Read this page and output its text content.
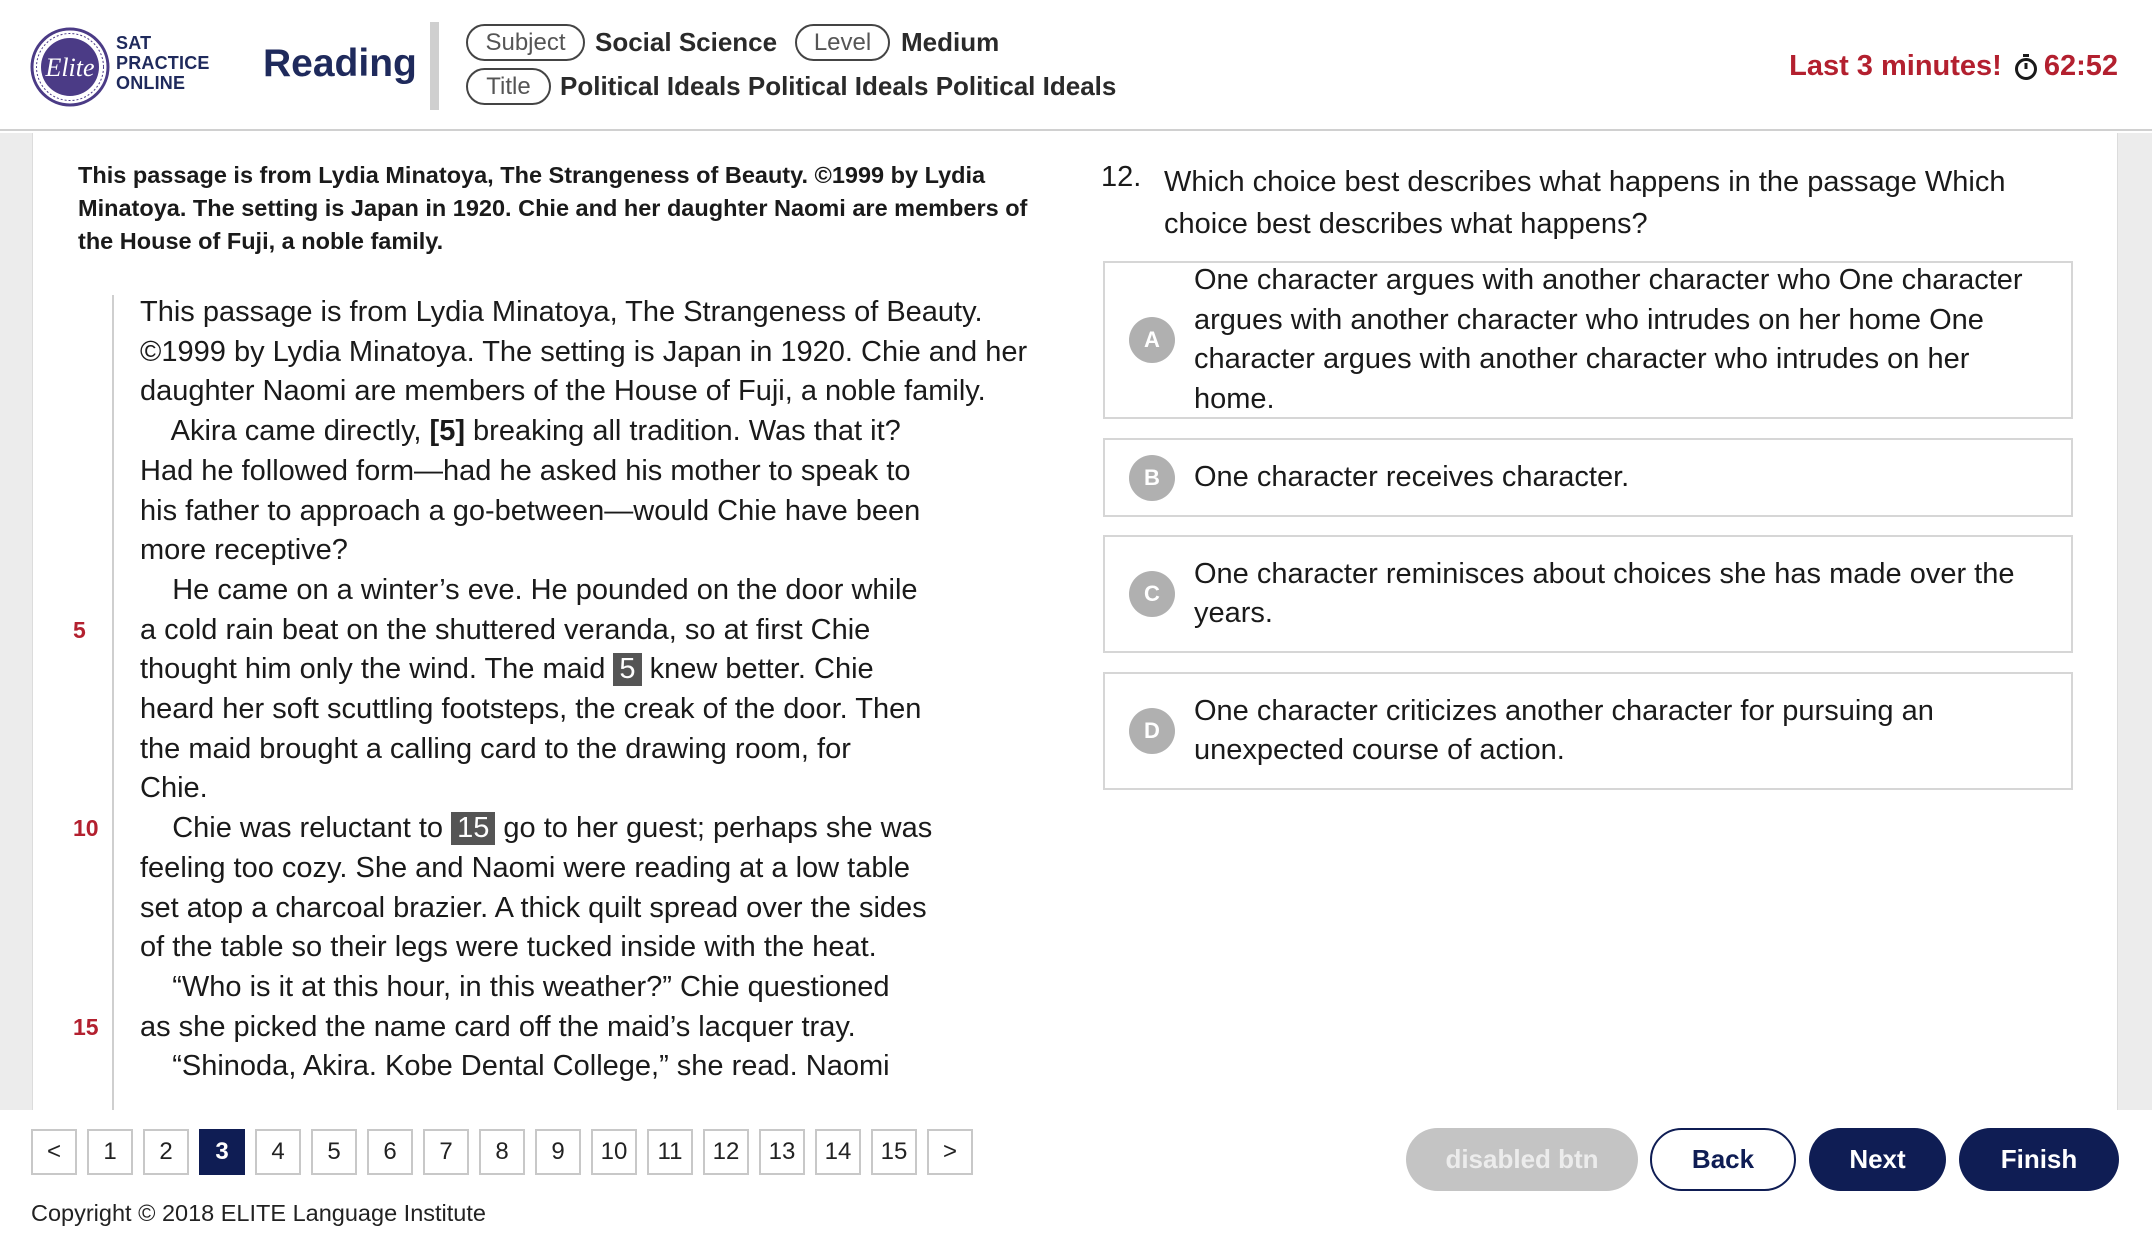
Elite
SAT
PRACTICE
ONLINE	Reading	Subject	Social Science	Level	Medium
Title	Political Ideals Political Ideals Political Ideals
Last 3 minutes! 62:52
This passage is from Lydia Minatoya, The Strangeness of Beauty. ©1999 by Lydia Minatoya. The setting is Japan in 1920. Chie and her daughter Naomi are members of the House of Fuji, a noble family.
5
10
15
This passage is from Lydia Minatoya, The Strangeness of Beauty.
©1999 by Lydia Minatoya. The setting is Japan in 1920. Chie and her
daughter Naomi are members of the House of Fuji, a noble family.
Akira came directly, [5] breaking all tradition. Was that it?
Had he followed form—had he asked his mother to speak to
his father to approach a go-between—would Chie have been
more receptive?
He came on a winter’s eve. He pounded on the door while
a cold rain beat on the shuttered veranda, so at first Chie
thought him only the wind. The maid 5 knew better. Chie
heard her soft scuttling footsteps, the creak of the door. Then
the maid brought a calling card to the drawing room, for
Chie.
Chie was reluctant to 15 go to her guest; perhaps she was
feeling too cozy. She and Naomi were reading at a low table
set atop a charcoal brazier. A thick quilt spread over the sides
of the table so their legs were tucked inside with the heat.
“Who is it at this hour, in this weather?” Chie questioned
as she picked the name card off the maid’s lacquer tray.
“Shinoda, Akira. Kobe Dental College,” she read. Naomi
12. Which choice best describes what happens in the passage Which choice best describes what happens?
A
One character argues with another character who One character argues with another character who intrudes on her home One character argues with another character who intrudes on her home.
B	One character receives character.
C
One character reminisces about choices she has made over the years.
D
One character criticizes another character for pursuing an unexpected course of action.
<	1	2	3	4	5	6	7	8	9	10	11	12	13	14	15	>
Copyright © 2018 ELITE Language Institute
disabled btn	Back	Next	Finish
